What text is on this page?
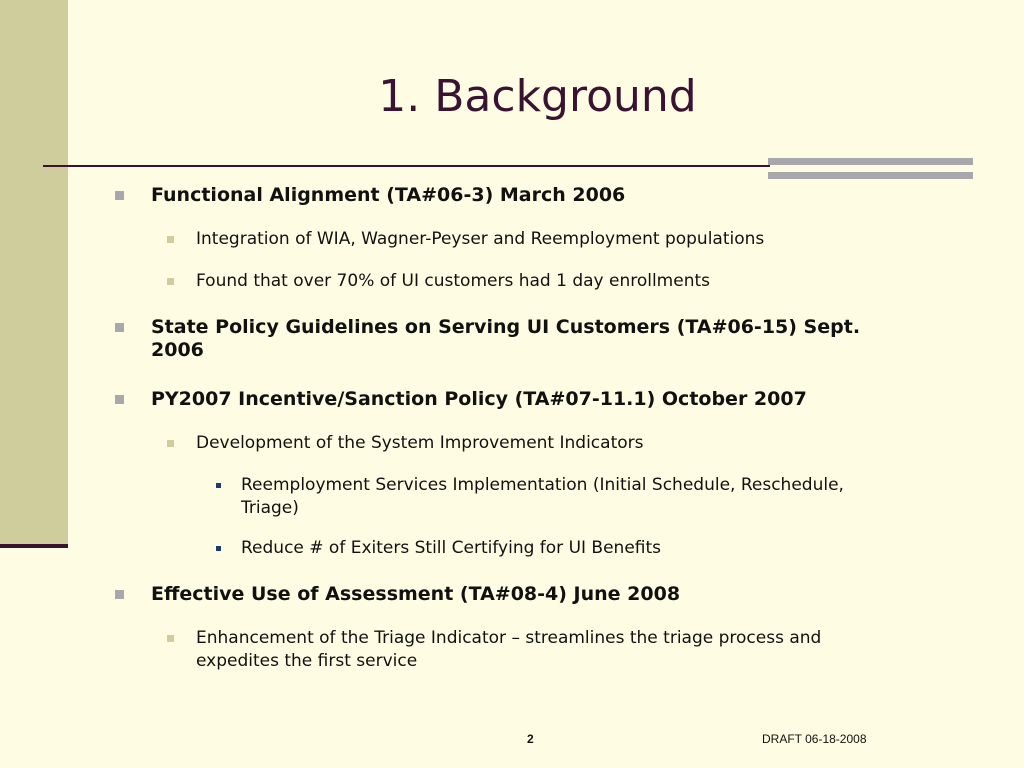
1. Background
Functional Alignment (TA#06-3) March 2006
Integration of WIA, Wagner-Peyser and Reemployment populations
Found that over 70% of UI customers had 1 day enrollments
State Policy Guidelines on Serving UI Customers (TA#06-15) Sept.
2006
PY2007 Incentive/Sanction Policy (TA#07-11.1) October 2007
Development of the System Improvement Indicators
Reemployment Services Implementation (Initial Schedule, Reschedule,
Triage)
Reduce # of Exiters Still Certifying for UI Benefits
Effective Use of Assessment (TA#08-4) June 2008
Enhancement of the Triage Indicator – streamlines the triage process and
expedites the first service
2	DRAFT 06-18-2008
